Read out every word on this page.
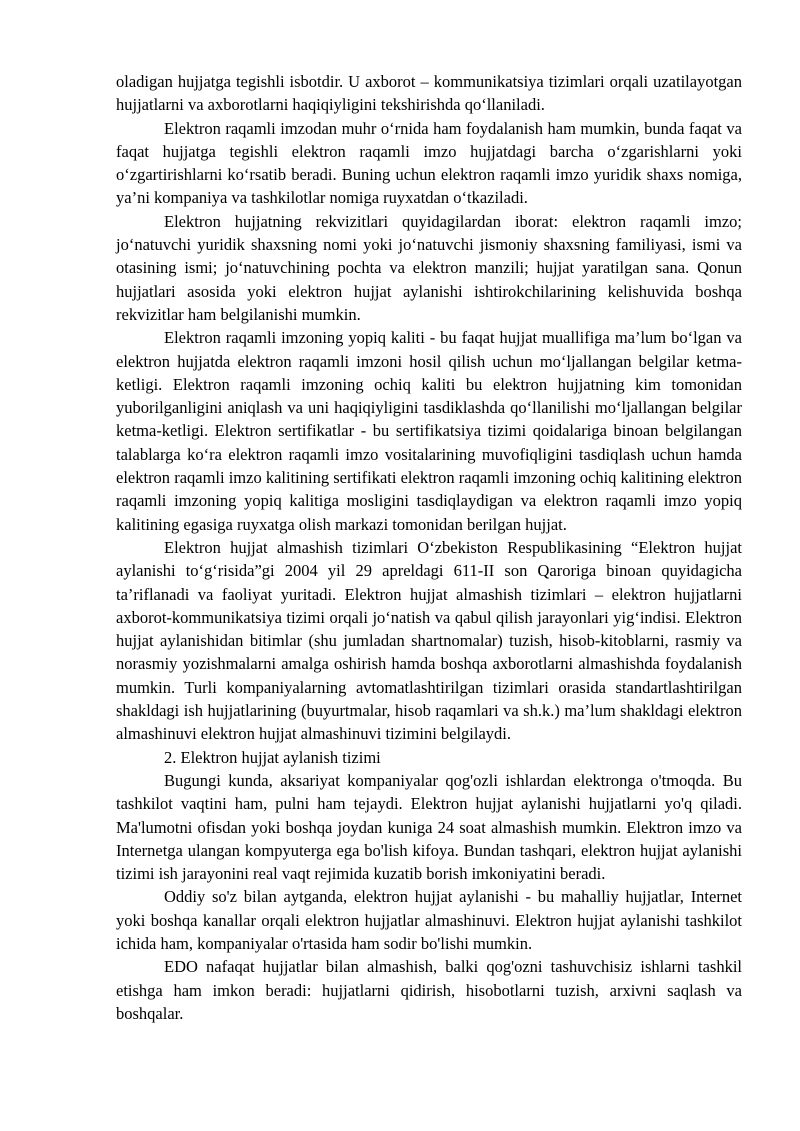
oladigan hujjatga tegishli isbotdir. U axborot – kommunikatsiya tizimlari orqali uzatilayotgan hujjatlarni va axborotlarni haqiqiyligini tekshirishda qo‘llaniladi.

Elektron raqamli imzodan muhr o‘rnida ham foydalanish ham mumkin, bunda faqat va faqat hujjatga tegishli elektron raqamli imzo hujjatdagi barcha o‘zgarishlarni yoki o‘zgartirishlarni ko‘rsatib beradi. Buning uchun elektron raqamli imzo yuridik shaxs nomiga, ya’ni kompaniya va tashkilotlar nomiga ruyxatdan o‘tkaziladi.

Elektron hujjatning rekvizitlari quyidagilardan iborat: elektron raqamli imzo; jo‘natuvchi yuridik shaxsning nomi yoki jo‘natuvchi jismoniy shaxsning familiyasi, ismi va otasining ismi; jo‘natuvchining pochta va elektron manzili; hujjat yaratilgan sana. Qonun hujjatlari asosida yoki elektron hujjat aylanishi ishtirokchilarining kelishuvida boshqa rekvizitlar ham belgilanishi mumkin.

Elektron raqamli imzoning yopiq kaliti - bu faqat hujjat muallifiga ma’lum bo‘lgan va elektron hujjatda elektron raqamli imzoni hosil qilish uchun mo‘ljallangan belgilar ketma-ketligi. Elektron raqamli imzoning ochiq kaliti bu elektron hujjatning kim tomonidan yuborilganligini aniqlash va uni haqiqiyligini tasdiklashda qo‘llanilishi mo‘ljallangan belgilar ketma-ketligi. Elektron sertifikatlar - bu sertifikatsiya tizimi qoidalariga binoan belgilangan talablarga ko‘ra elektron raqamli imzo vositalarining muvofiqligini tasdiqlash uchun hamda elektron raqamli imzo kalitining sertifikati elektron raqamli imzoning ochiq kalitining elektron raqamli imzoning yopiq kalitiga mosligini tasdiqlaydigan va elektron raqamli imzo yopiq kalitining egasiga ruyxatga olish markazi tomonidan berilgan hujjat.

Elektron hujjat almashish tizimlari O‘zbekiston Respublikasining “Elektron hujjat aylanishi to‘g‘risida”gi 2004 yil 29 apreldagi 611-II son Qaroriga binoan quyidagicha ta’riflanadi va faoliyat yuritadi. Elektron hujjat almashish tizimlari – elektron hujjatlarni axborot-kommunikatsiya tizimi orqali jo‘natish va qabul qilish jarayonlari yig‘indisi. Elektron hujjat aylanishidan bitimlar (shu jumladan shartnomalar) tuzish, hisob-kitoblarni, rasmiy va norasmiy yozishmalarni amalga oshirish hamda boshqa axborotlarni almashishda foydalanish mumkin. Turli kompaniyalarning avtomatlashtirilgan tizimlari orasida standartlashtirilgan shakldagi ish hujjatlarining (buyurtmalar, hisob raqamlari va sh.k.) ma’lum shakldagi elektron almashinuvi elektron hujjat almashinuvi tizimini belgilaydi.

2. Elektron hujjat aylanish tizimi

Bugungi kunda, aksariyat kompaniyalar qog'ozli ishlardan elektronga o'tmoqda. Bu tashkilot vaqtini ham, pulni ham tejaydi. Elektron hujjat aylanishi hujjatlarni yo'q qiladi. Ma'lumotni ofisdan yoki boshqa joydan kuniga 24 soat almashish mumkin. Elektron imzo va Internetga ulangan kompyuterga ega bo'lish kifoya. Bundan tashqari, elektron hujjat aylanishi tizimi ish jarayonini real vaqt rejimida kuzatib borish imkoniyatini beradi.

Oddiy so'z bilan aytganda, elektron hujjat aylanishi - bu mahalliy hujjatlar, Internet yoki boshqa kanallar orqali elektron hujjatlar almashinuvi. Elektron hujjat aylanishi tashkilot ichida ham, kompaniyalar o'rtasida ham sodir bo'lishi mumkin.

EDO nafaqat hujjatlar bilan almashish, balki qog'ozni tashuvchisiz ishlarni tashkil etishga ham imkon beradi: hujjatlarni qidirish, hisobotlarni tuzish, arxivni saqlash va boshqalar.
